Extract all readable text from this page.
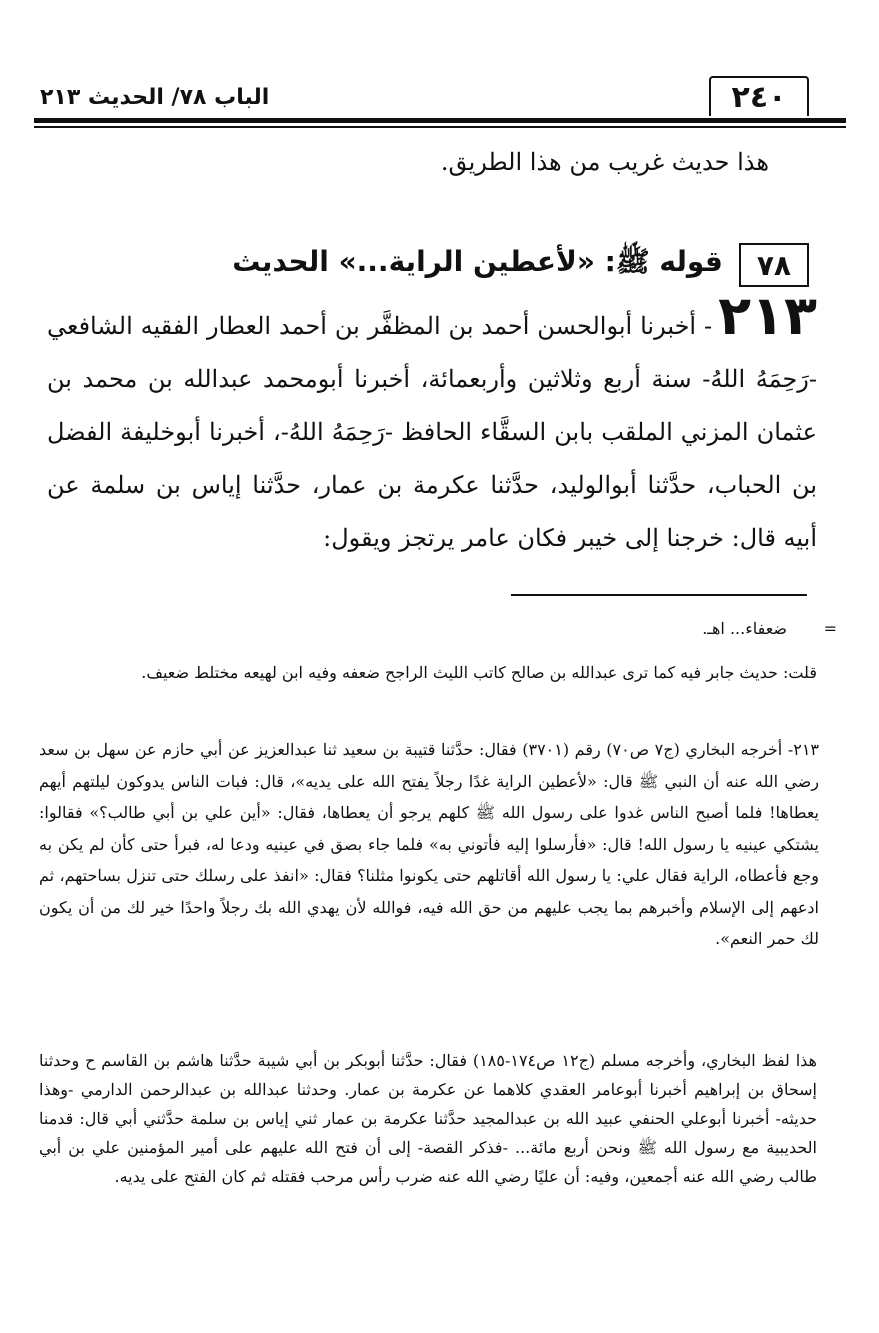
٢٤٠
الباب ٧٨/ الحديث ٢١٣
هذا حديث غريب من هذا الطريق.
٧٨
قوله ﷺ: «لأعطين الراية...» الحديث
٢١٣- أخبرنا أبوالحسن أحمد بن المظفَّر بن أحمد العطار الفقيه الشافعي -رَحِمَهُ اللهُ- سنة أربع وثلاثين وأربعمائة، أخبرنا أبومحمد عبدالله بن محمد بن عثمان المزني الملقب بابن السقَّاء الحافظ -رَحِمَهُ اللهُ-، أخبرنا أبوخليفة الفضل بن الحباب، حدَّثنا أبوالوليد، حدَّثنا عكرمة بن عمار، حدَّثنا إياس بن سلمة عن أبيه قال: خرجنا إلى خيبر فكان عامر يرتجز ويقول:
=
ضعفاء... اهـ.
قلت: حديث جابر فيه كما ترى عبدالله بن صالح كاتب الليث الراجح ضعفه وفيه ابن لهيعه مختلط ضعيف.
٢١٣- أخرجه البخاري (ج٧ ص٧٠) رقم (٣٧٠١) فقال: حدَّثنا قتيبة بن سعيد ثنا عبدالعزيز عن أبي حازم عن سهل بن سعد رضي الله عنه أن النبي ﷺ قال: «لأعطين الراية غدًا رجلاً يفتح الله على يديه»، قال: فبات الناس يدوكون ليلتهم أيهم يعطاها! فلما أصبح الناس غدوا على رسول الله ﷺ كلهم يرجو أن يعطاها، فقال: «أين علي بن أبي طالب؟» فقالوا: يشتكي عينيه يا رسول الله! قال: «فأرسلوا إليه فأتوني به» فلما جاء بصق في عينيه ودعا له، فبرأ حتى كأن لم يكن به وجع فأعطاه، الراية فقال علي: يا رسول الله أقاتلهم حتى يكونوا مثلنا؟ فقال: «انفذ على رسلك حتى تنزل بساحتهم، ثم ادعهم إلى الإسلام وأخبرهم بما يجب عليهم من حق الله فيه، فوالله لأن يهدي الله بك رجلاً واحدًا خير لك من أن يكون لك حمر النعم».
هذا لفظ البخاري، وأخرجه مسلم (ج١٢ ص١٧٤-١٨٥) فقال: حدَّثنا أبوبكر بن أبي شيبة حدَّثنا هاشم بن القاسم ح وحدثنا إسحاق بن إبراهيم أخبرنا أبوعامر العقدي كلاهما عن عكرمة بن عمار. وحدثنا عبدالله بن عبدالرحمن الدارمي -وهذا حديثه- أخبرنا أبوعلي الحنفي عبيد الله بن عبدالمجيد حدَّثنا عكرمة بن عمار ثني إياس بن سلمة حدَّثني أبي قال: قدمنا الحديبية مع رسول الله ﷺ ونحن أربع مائة... -فذكر القصة- إلى أن فتح الله عليهم على أمير المؤمنين علي بن أبي طالب رضي الله عنه أجمعين، وفيه: أن عليًا رضي الله عنه ضرب رأس مرحب فقتله ثم كان الفتح على يديه.
